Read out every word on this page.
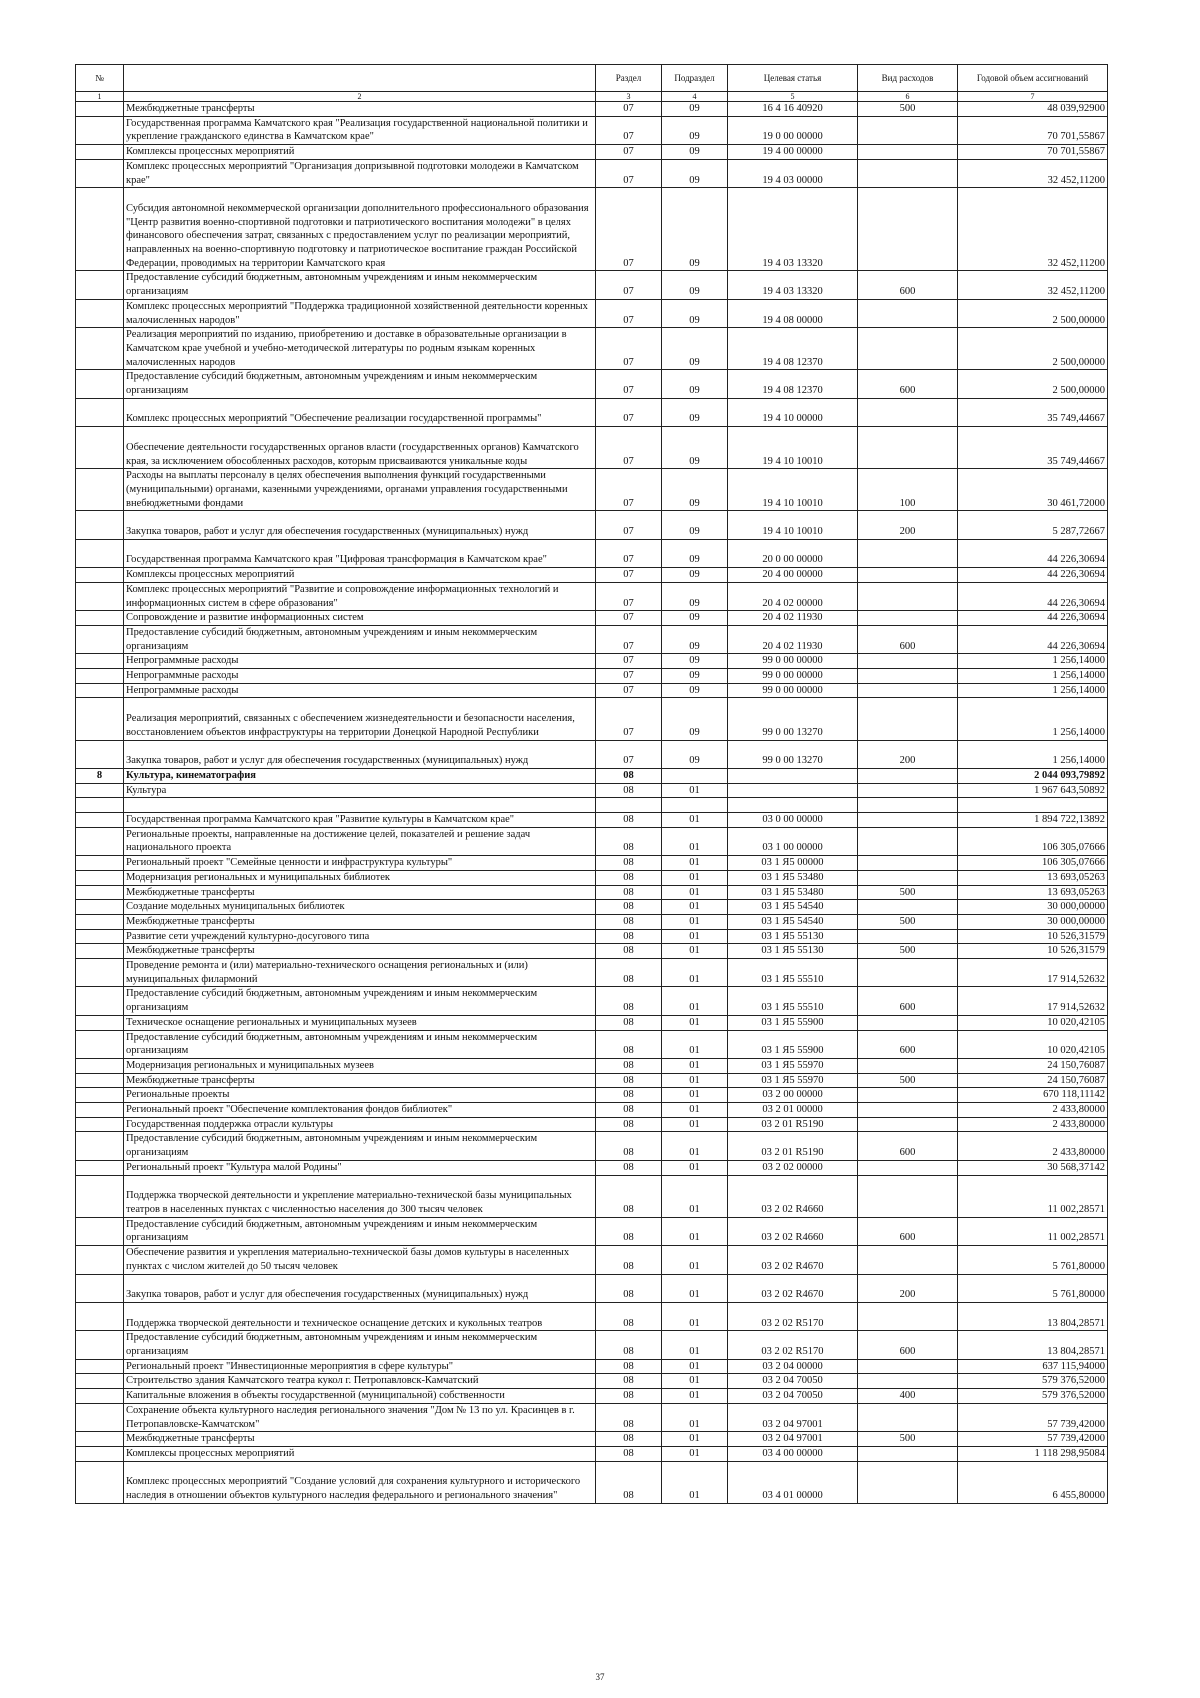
№		Раздел	Подраздел	Целевая статья	Вид расходов	Годовой объем ассигнований
1	2	3	4	5	6	7
	Межбюджетные трансферты	07	09	16 4 16 40920	500	48 039,92900
	Государственная программа Камчатского края "Реализация государственной национальной политики и укрепление гражданского единства в Камчатском крае"	07	09	19 0 00 00000		70 701,55867
	Комплексы процессных мероприятий	07	09	19 4 00 00000		70 701,55867
	Комплекс процессных мероприятий "Организация допризывной подготовки молодежи в Камчатском крае"	07	09	19 4 03 00000		32 452,11200
	Субсидия автономной некоммерческой организации дополнительного профессионального образования "Центр развития военно-спортивной подготовки и патриотического воспитания молодежи" в целях финансового обеспечения затрат, связанных с предоставлением услуг по реализации мероприятий, направленных на военно-спортивную подготовку и патриотическое воспитание граждан Российской Федерации, проводимых на территории Камчатского края	07	09	19 4 03 13320		32 452,11200
	Предоставление субсидий бюджетным, автономным учреждениям и иным некоммерческим организациям	07	09	19 4 03 13320	600	32 452,11200
	Комплекс процессных мероприятий "Поддержка традиционной хозяйственной деятельности коренных малочисленных народов"	07	09	19 4 08 00000		2 500,00000
	Реализация мероприятий по изданию, приобретению и доставке в образовательные организации в Камчатском крае учебной и учебно-методической литературы по родным языкам коренных малочисленных народов	07	09	19 4 08 12370		2 500,00000
	Предоставление субсидий бюджетным, автономным учреждениям и иным некоммерческим организациям	07	09	19 4 08 12370	600	2 500,00000
	Комплекс процессных мероприятий "Обеспечение реализации государственной программы"	07	09	19 4 10 00000		35 749,44667
	Обеспечение деятельности государственных органов власти (государственных органов) Камчатского края, за исключением обособленных расходов, которым присваиваются уникальные коды	07	09	19 4 10 10010		35 749,44667
	Расходы на выплаты персоналу в целях обеспечения выполнения функций государственными (муниципальными) органами, казенными учреждениями, органами управления государственными внебюджетными фондами	07	09	19 4 10 10010	100	30 461,72000
	Закупка товаров, работ и услуг для обеспечения государственных (муниципальных) нужд	07	09	19 4 10 10010	200	5 287,72667
	Государственная программа Камчатского края "Цифровая трансформация в Камчатском крае"	07	09	20 0 00 00000		44 226,30694
	Комплексы процессных мероприятий	07	09	20 4 00 00000		44 226,30694
	Комплекс процессных мероприятий "Развитие и сопровождение информационных технологий и информационных систем в сфере образования"	07	09	20 4 02 00000		44 226,30694
	Сопровождение и развитие информационных систем	07	09	20 4 02 11930		44 226,30694
	Предоставление субсидий бюджетным, автономным учреждениям и иным некоммерческим организациям	07	09	20 4 02 11930	600	44 226,30694
	Непрограммные расходы	07	09	99 0 00 00000		1 256,14000
	Непрограммные расходы	07	09	99 0 00 00000		1 256,14000
	Непрограммные расходы	07	09	99 0 00 00000		1 256,14000
	Реализация мероприятий, связанных с обеспечением жизнедеятельности и безопасности населения, восстановлением объектов инфраструктуры на территории Донецкой Народной Республики	07	09	99 0 00 13270		1 256,14000
	Закупка товаров, работ и услуг для обеспечения государственных (муниципальных) нужд	07	09	99 0 00 13270	200	1 256,14000
8	Культура, кинематография	08				2 044 093,79892
	Культура	08	01			1 967 643,50892

	Государственная программа Камчатского края "Развитие культуры в Камчатском крае"	08	01	03 0 00 00000		1 894 722,13892
	Региональные проекты, направленные на достижение целей, показателей и решение задач национального проекта	08	01	03 1 00 00000		106 305,07666
	Региональный проект "Семейные ценности и инфраструктура культуры"	08	01	03 1 Я5 00000		106 305,07666
	Модернизация региональных и муниципальных библиотек	08	01	03 1 Я5 53480		13 693,05263
	Межбюджетные трансферты	08	01	03 1 Я5 53480	500	13 693,05263
	Создание модельных муниципальных библиотек	08	01	03 1 Я5 54540		30 000,00000
	Межбюджетные трансферты	08	01	03 1 Я5 54540	500	30 000,00000
	Развитие сети учреждений культурно-досугового типа	08	01	03 1 Я5 55130		10 526,31579
	Межбюджетные трансферты	08	01	03 1 Я5 55130	500	10 526,31579
	Проведение ремонта и (или) материально-технического оснащения региональных и (или) муниципальных филармоний	08	01	03 1 Я5 55510		17 914,52632
	Предоставление субсидий бюджетным, автономным учреждениям и иным некоммерческим организациям	08	01	03 1 Я5 55510	600	17 914,52632
	Техническое оснащение региональных и муниципальных музеев	08	01	03 1 Я5 55900		10 020,42105
	Предоставление субсидий бюджетным, автономным учреждениям и иным некоммерческим организациям	08	01	03 1 Я5 55900	600	10 020,42105
	Модернизация региональных и муниципальных музеев	08	01	03 1 Я5 55970		24 150,76087
	Межбюджетные трансферты	08	01	03 1 Я5 55970	500	24 150,76087
	Региональные проекты	08	01	03 2 00 00000		670 118,11142
	Региональный проект "Обеспечение комплектования фондов библиотек"	08	01	03 2 01 00000		2 433,80000
	Государственная поддержка отрасли культуры	08	01	03 2 01 R5190		2 433,80000
	Предоставление субсидий бюджетным, автономным учреждениям и иным некоммерческим организациям	08	01	03 2 01 R5190	600	2 433,80000
	Региональный проект "Культура малой Родины"	08	01	03 2 02 00000		30 568,37142
	Поддержка творческой деятельности и укрепление материально-технической базы муниципальных театров в населенных пунктах с численностью населения до 300 тысяч человек	08	01	03 2 02 R4660		11 002,28571
	Предоставление субсидий бюджетным, автономным учреждениям и иным некоммерческим организациям	08	01	03 2 02 R4660	600	11 002,28571
	Обеспечение развития и укрепления материально-технической базы домов культуры в населенных пунктах с числом жителей до 50 тысяч человек	08	01	03 2 02 R4670		5 761,80000
	Закупка товаров, работ и услуг для обеспечения государственных (муниципальных) нужд	08	01	03 2 02 R4670	200	5 761,80000
	Поддержка творческой деятельности и техническое оснащение детских и кукольных театров	08	01	03 2 02 R5170		13 804,28571
	Предоставление субсидий бюджетным, автономным учреждениям и иным некоммерческим организациям	08	01	03 2 02 R5170	600	13 804,28571
	Региональный проект "Инвестиционные мероприятия в сфере культуры"	08	01	03 2 04 00000		637 115,94000
	Строительство здания Камчатского театра кукол г. Петропавловск-Камчатский	08	01	03 2 04 70050		579 376,52000
	Капитальные вложения в объекты государственной (муниципальной) собственности	08	01	03 2 04 70050	400	579 376,52000
	Сохранение объекта культурного наследия регионального значения "Дом № 13 по ул. Красинцев в г. Петропавловске-Камчатском"	08	01	03 2 04 97001		57 739,42000
	Межбюджетные трансферты	08	01	03 2 04 97001	500	57 739,42000
	Комплексы процессных мероприятий	08	01	03 4 00 00000		1 118 298,95084
	Комплекс процессных мероприятий "Создание условий для сохранения культурного и исторического наследия в отношении объектов культурного наследия федерального и регионального значения"	08	01	03 4 01 00000		6 455,80000
37
